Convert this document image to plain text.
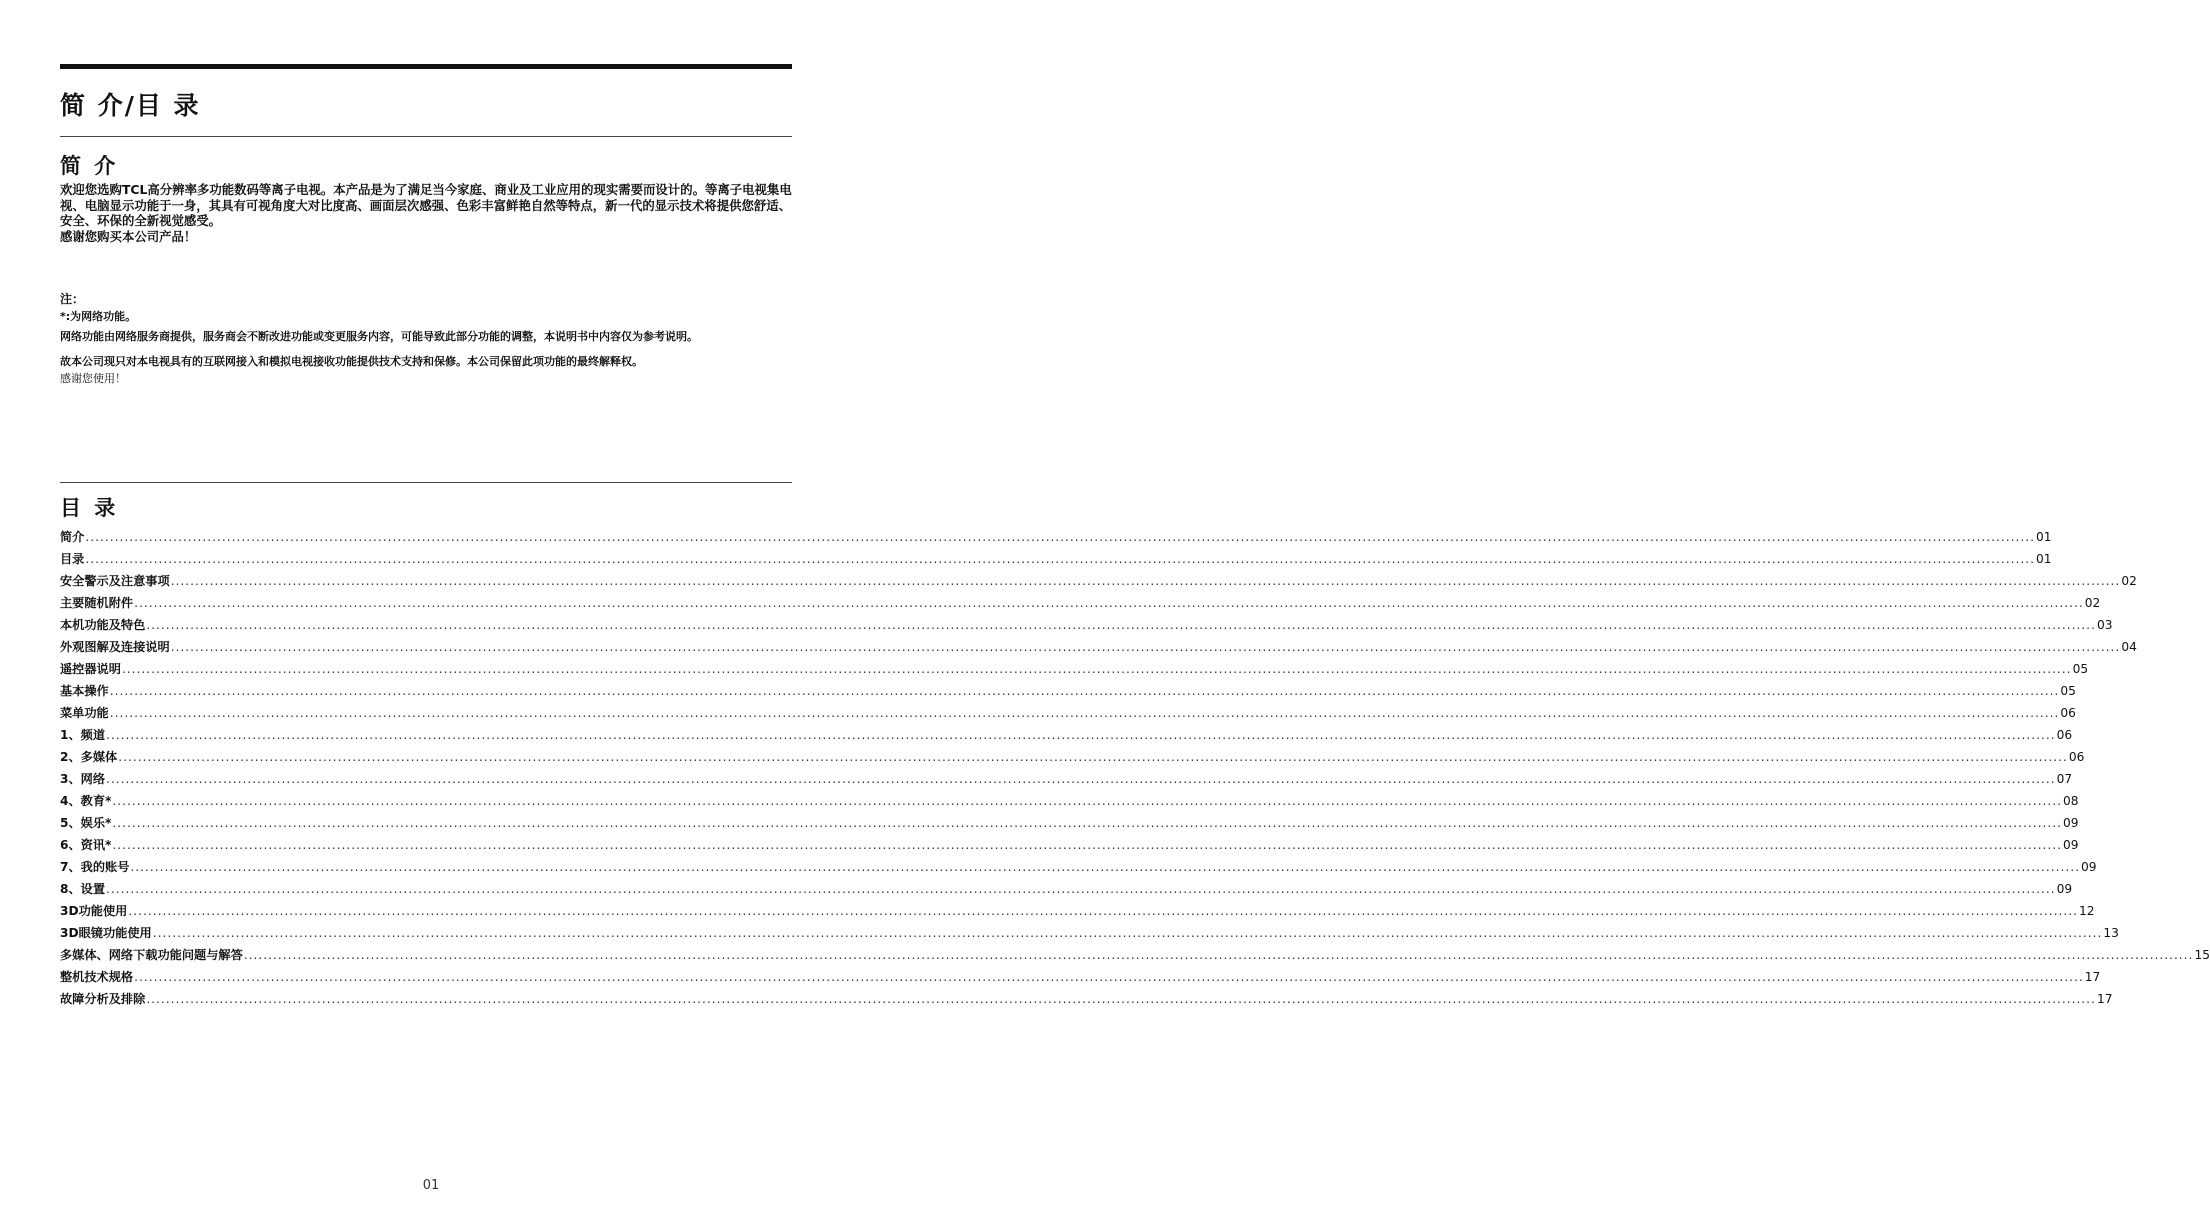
简 介/目 录
简 介

欢迎您选购TCL高分辨率多功能数码等离子电视。本产品是为了满足当今家庭、商业及工业应用的现实需要而设计的。等离子电视集电视、电脑显示功能于一身，其具有可视角度大对比度高、画面层次感强、色彩丰富鲜艳自然等特点，新一代的显示技术将提供您舒适、安全、环保的全新视觉感受。

感谢您购买本公司产品！

注：

*:为网络功能。

网络功能由网络服务商提供，服务商会不断改进功能或变更服务内容，可能导致此部分功能的调整，本说明书中内容仅为参考说明。

故本公司现只对本电视具有的互联网接入和模拟电视接收功能提供技术支持和保修。本公司保留此项功能的最终解释权。

感谢您使用！

目 录
简介 ................................................................................................................................................................................................................................................................................................................................................................................................................ 01
目录 ................................................................................................................................................................................................................................................................................................................................................................................................................ 01
安全警示及注意事项 ................................................................................................................................................................................................................................................................................................................................................................................................................ 02
主要随机附件 ................................................................................................................................................................................................................................................................................................................................................................................................................ 02
本机功能及特色 ................................................................................................................................................................................................................................................................................................................................................................................................................ 03
外观图解及连接说明 ................................................................................................................................................................................................................................................................................................................................................................................................................ 04
遥控器说明 ................................................................................................................................................................................................................................................................................................................................................................................................................ 05
基本操作 ................................................................................................................................................................................................................................................................................................................................................................................................................ 05
菜单功能 ................................................................................................................................................................................................................................................................................................................................................................................................................ 06
1、频道 ................................................................................................................................................................................................................................................................................................................................................................................................................ 06
2、多媒体 ................................................................................................................................................................................................................................................................................................................................................................................................................ 06
3、网络 ................................................................................................................................................................................................................................................................................................................................................................................................................ 07
4、教育* ................................................................................................................................................................................................................................................................................................................................................................................................................ 08
5、娱乐* ................................................................................................................................................................................................................................................................................................................................................................................................................ 09
6、资讯* ................................................................................................................................................................................................................................................................................................................................................................................................................ 09
7、我的账号 ................................................................................................................................................................................................................................................................................................................................................................................................................ 09
8、设置 ................................................................................................................................................................................................................................................................................................................................................................................................................ 09
3D功能使用 ................................................................................................................................................................................................................................................................................................................................................................................................................ 12
3D眼镜功能使用 ................................................................................................................................................................................................................................................................................................................................................................................................................ 13
多媒体、网络下载功能问题与解答 ................................................................................................................................................................................................................................................................................................................................................................................................................ 15
整机技术规格 ................................................................................................................................................................................................................................................................................................................................................................................................................ 17
故障分析及排除 ................................................................................................................................................................................................................................................................................................................................................................................................................ 17
01
